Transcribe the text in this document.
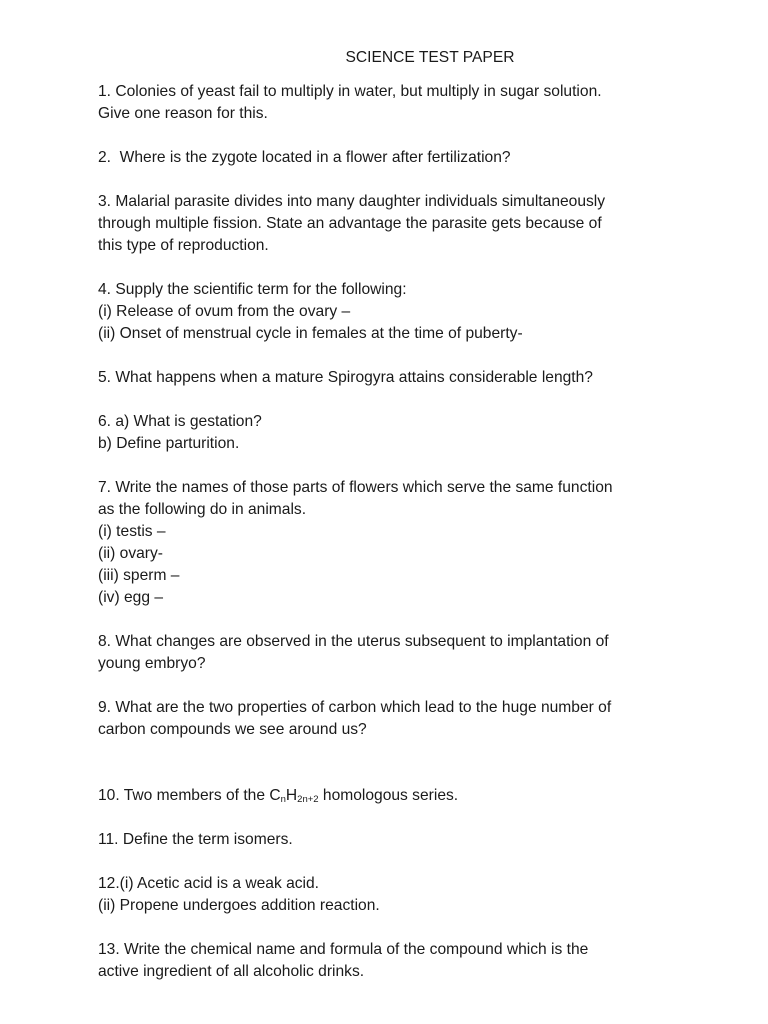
SCIENCE TEST PAPER
1. Colonies of yeast fail to multiply in water, but multiply in sugar solution.
Give one reason for this.
2.  Where is the zygote located in a flower after fertilization?
3. Malarial parasite divides into many daughter individuals simultaneously
through multiple fission. State an advantage the parasite gets because of
this type of reproduction.
4. Supply the scientific term for the following:
(i) Release of ovum from the ovary –
(ii) Onset of menstrual cycle in females at the time of puberty-
5. What happens when a mature Spirogyra attains considerable length?
6. a) What is gestation?
b) Define parturition.
7. Write the names of those parts of flowers which serve the same function
as the following do in animals.
(i) testis –
(ii) ovary-
(iii) sperm –
(iv) egg –
8. What changes are observed in the uterus subsequent to implantation of
young embryo?
9. What are the two properties of carbon which lead to the huge number of
carbon compounds we see around us?
10. Two members of the $C_nH_{2n+2}$ homologous series.
11. Define the term isomers.
12.(i) Acetic acid is a weak acid.
(ii) Propene undergoes addition reaction.
13. Write the chemical name and formula of the compound which is the
active ingredient of all alcoholic drinks.
